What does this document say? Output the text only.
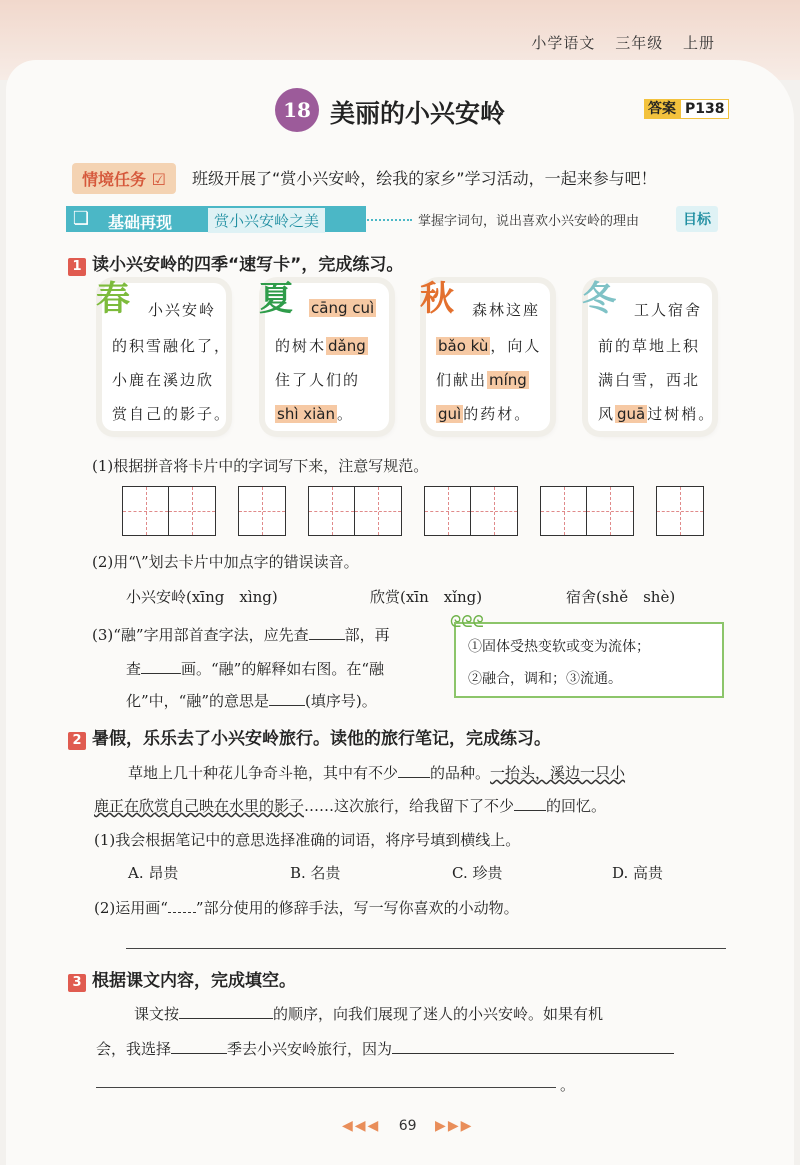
小学语文 三年级 上册
18 美丽的小兴安岭	答案 P138
情境任务 ☑	班级开展了“赏小兴安岭，绘我的家乡”学习活动，一起来参与吧！
❏	基础再现	赏小兴安岭之美	掌握字词句，说出喜欢小兴安岭的理由	目标
1 读小兴安岭的四季“速写卡”，完成练习。
春 小兴安岭
的积雪融化了，
小鹿在溪边欣
赏自己的影子。
夏 cāng cuì
的树木 dǎng
住了人们的
shì xiàn 。
秋 森林这座
bǎo kù ，向人
们献出 míng
guì 的药材。
冬 工人宿舍
前的草地上积
满白雪，西北
风 guā 过树梢。
(1)根据拼音将卡片中的字词写下来，注意写规范。
(2)用“\”划去卡片中加点字的错误读音。
小兴安岭(xīng　xìng)	欣赏(xīn　xǐng)	宿舍(shě　shè)
(3)“融”字用部首查字法，应先查 部，再
查	画。“融”的解释如右图。在“融
化”中，“融”的意思是 (填序号)。
①固体受热变软或变为流体；
②融合，调和；③流通。
ᘓᘓᘓ
2 暑假，乐乐去了小兴安岭旅行。读他的旅行笔记，完成练习。
草地上几十种花儿争奇斗艳，其中有不少 的品种。一抬头，溪边一只小
鹿正在欣赏自己映在水里的影子……这次旅行，给我留下了不少 的回忆。
(1)我会根据笔记中的意思选择准确的词语，将序号填到横线上。
A. 昂贵	B. 名贵	C. 珍贵	D. 高贵
(2)运用画“ ”部分使用的修辞手法，写一写你喜欢的小动物。
3 根据课文内容，完成填空。
课文按	的顺序，向我们展现了迷人的小兴安岭。如果有机
会，我选择	季去小兴安岭旅行，因为
。
◀◀◀ 69 ▶▶▶
